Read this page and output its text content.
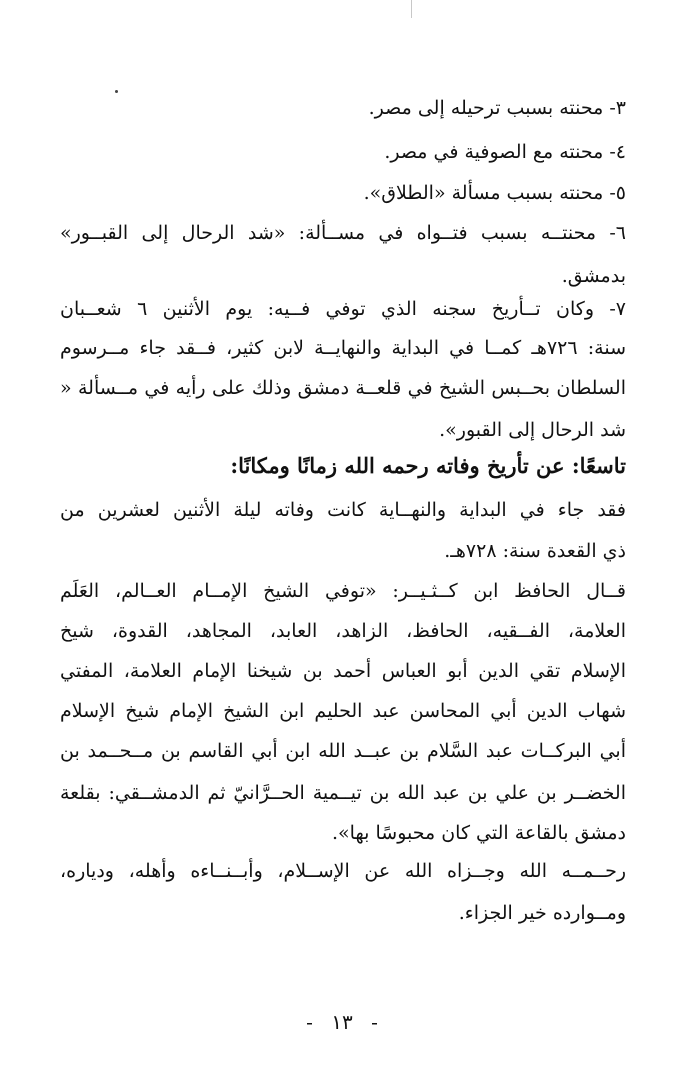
٣- محنته بسبب ترحيله إلى مصر.
٤- محنته مع الصوفية في مصر.
٥- محنته بسبب مسألة «الطلاق».
٦- محنتــه بسبب فتــواه في مســألة: «شد الرحال إلى القبــور»
بدمشق.
٧- وكان تــأريخ سجنه الذي توفي فــيه: يوم الأثنين ٦ شعــبان
سنة: ٧٢٦هـ كمــا في البداية والنهايــة لابن كثير، فــقد جاء مــرسوم
السلطان بحــبس الشيخ في قلعــة دمشق وذلك على رأيه في مــسألة «
شد الرحال إلى القبور».
تاسعًا: عن تأريخ وفاته رحمه الله زمانًا ومكانًا:
فقد جاء في البداية والنهــاية كانت وفاته ليلة الأثنين لعشرين من
ذي القعدة سنة: ٧٢٨هـ.
قــال الحافظ ابن كــثـيــر: «توفي الشيخ الإمــام العــالم، العَلَم
العلامة، الفــقيه، الحافظ، الزاهد، العابد، المجاهد، القدوة، شيخ
الإسلام تقي الدين أبو العباس أحمد بن شيخنا الإمام العلامة، المفتي
شهاب الدين أبي المحاسن عبد الحليم ابن الشيخ الإمام شيخ الإسلام
أبي البركــات عبد السَّلام بن عبــد الله ابن أبي القاسم بن مــحــمد بن
الخضــر بن علي بن عبد الله بن تيــمية الحــرَّانيّ ثم الدمشــقي: بقلعة
دمشق بالقاعة التي كان محبوسًا بها».
رحــمــه الله وجــزاه الله عن الإســلام، وأبــنــاءه وأهله، ودياره،
ومــوارده خير الجزاء.
- ١٣ -
